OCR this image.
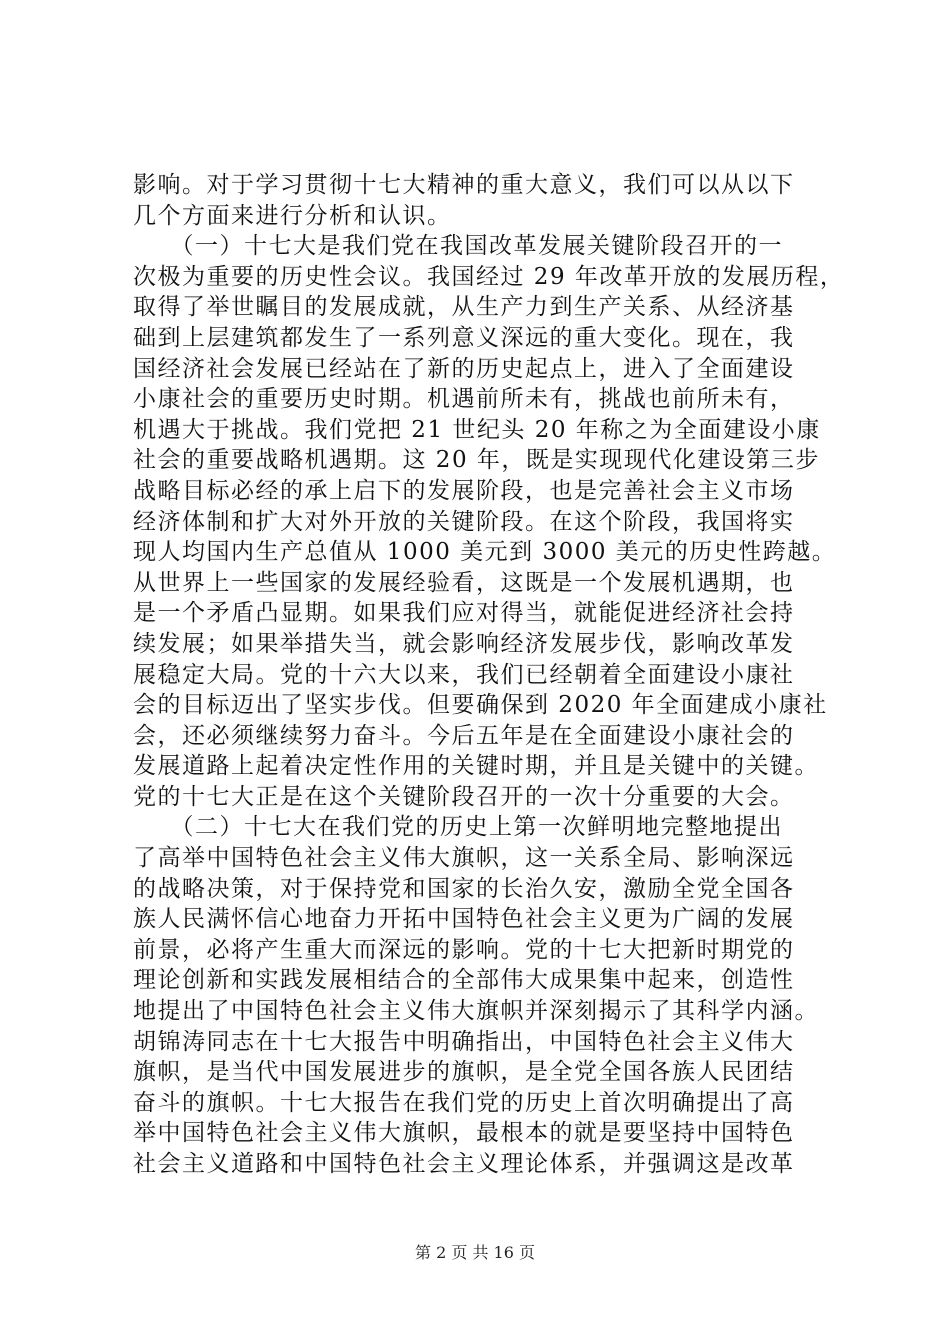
影响。对于学习贯彻十七大精神的重大意义，我们可以从以下
几个方面来进行分析和认识。
　　（一）十七大是我们党在我国改革发展关键阶段召开的一
次极为重要的历史性会议。我国经过 29 年改革开放的发展历程，
取得了举世瞩目的发展成就，从生产力到生产关系、从经济基
础到上层建筑都发生了一系列意义深远的重大变化。现在，我
国经济社会发展已经站在了新的历史起点上，进入了全面建设
小康社会的重要历史时期。机遇前所未有，挑战也前所未有，
机遇大于挑战。我们党把 21 世纪头 20 年称之为全面建设小康
社会的重要战略机遇期。这 20 年，既是实现现代化建设第三步
战略目标必经的承上启下的发展阶段，也是完善社会主义市场
经济体制和扩大对外开放的关键阶段。在这个阶段，我国将实
现人均国内生产总值从 1000 美元到 3000 美元的历史性跨越。
从世界上一些国家的发展经验看，这既是一个发展机遇期，也
是一个矛盾凸显期。如果我们应对得当，就能促进经济社会持
续发展；如果举措失当，就会影响经济发展步伐，影响改革发
展稳定大局。党的十六大以来，我们已经朝着全面建设小康社
会的目标迈出了坚实步伐。但要确保到 2020 年全面建成小康社
会，还必须继续努力奋斗。今后五年是在全面建设小康社会的
发展道路上起着决定性作用的关键时期，并且是关键中的关键。
党的十七大正是在这个关键阶段召开的一次十分重要的大会。
　　（二）十七大在我们党的历史上第一次鲜明地完整地提出
了高举中国特色社会主义伟大旗帜，这一关系全局、影响深远
的战略决策，对于保持党和国家的长治久安，激励全党全国各
族人民满怀信心地奋力开拓中国特色社会主义更为广阔的发展
前景，必将产生重大而深远的影响。党的十七大把新时期党的
理论创新和实践发展相结合的全部伟大成果集中起来，创造性
地提出了中国特色社会主义伟大旗帜并深刻揭示了其科学内涵。
胡锦涛同志在十七大报告中明确指出，中国特色社会主义伟大
旗帜，是当代中国发展进步的旗帜，是全党全国各族人民团结
奋斗的旗帜。十七大报告在我们党的历史上首次明确提出了高
举中国特色社会主义伟大旗帜，最根本的就是要坚持中国特色
社会主义道路和中国特色社会主义理论体系，并强调这是改革
第 2 页 共 16 页
